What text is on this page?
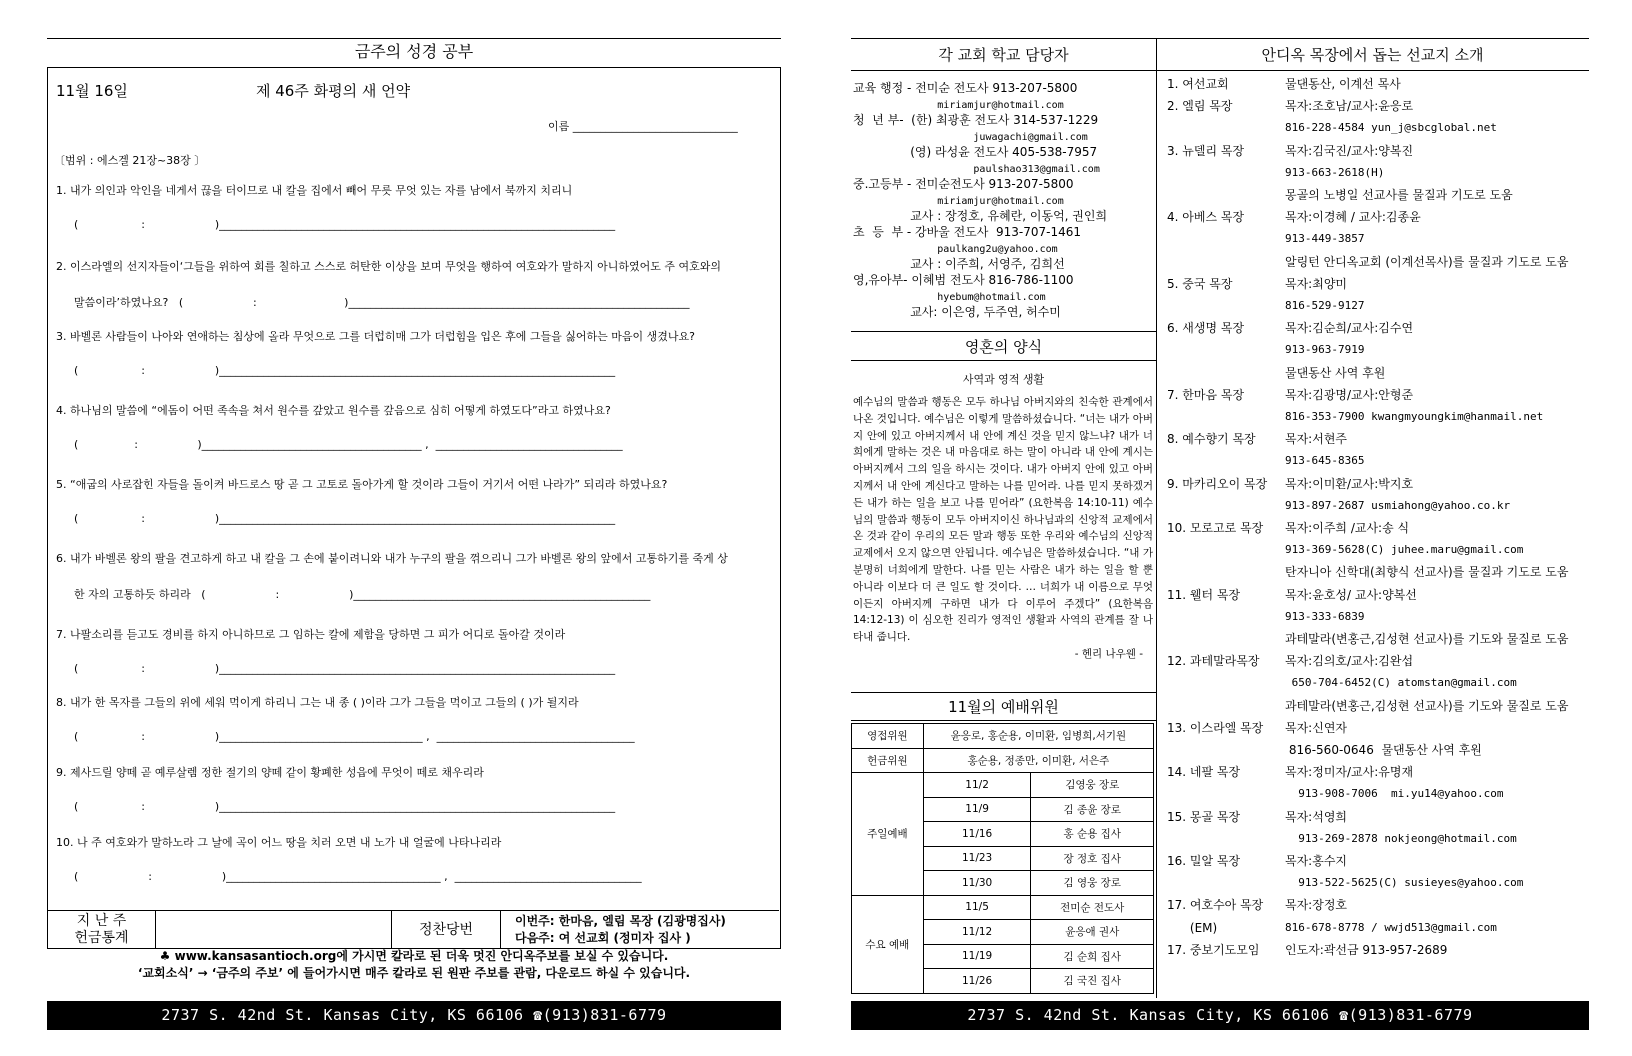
금주의 성경 공부
11월 16일	제 46주 화평의 새 언약
이름 ______________________________
〔범위 : 에스겔 21장~38장 〕
지 난 주
헌금통계	정찬당번
이번주: 한마음, 엘림 목장 (김광명집사)
다음주: 여 선교회 (정미자 집사 )
1. 내가 의인과 악인을 네게서 끊을 터이므로 내 칼을 집에서 빼어 무릇 무엇 있는 자를 남에서 북까지 치리니
(                  :                    )________________________________________________________________________
2. 이스라엘의 선지자들이‘그들을 위하여 회를 칠하고 스스로 허탄한 이상을 보며 무엇을 행하여 여호와가 말하지 아니하였어도 주 여호와의
말씀이라’하였나요?   (                    :                         )______________________________________________________________
3. 바벨론 사람들이 나아와 연애하는 침상에 올라 무엇으로 그를 더럽히매 그가 더럽힘을 입은 후에 그들을 싫어하는 마음이 생겼나요?
(                  :                    )________________________________________________________________________
4. 하나님의 말씀에 “에돔이 어떤 족속을 쳐서 원수를 갚았고 원수를 갚음으로 심히 어떻게 하였도다”라고 하였나요?
(                :                 )________________________________________ ,  __________________________________
5. “애굽의 사로잡힌 자들을 돌이켜 바드로스 땅 곧 그 고토로 돌아가게 할 것이라 그들이 거기서 어떤 나라가” 되리라 하였나요?
(                  :                    )________________________________________________________________________
6. 내가 바벨론 왕의 팔을 견고하게 하고 내 칼을 그 손에 붙이려니와 내가 누구의 팔을 꺾으리니 그가 바벨론 왕의 앞에서 고통하기를 죽게 상
한 자의 고통하듯 하리라   (                    :                    )______________________________________________________
7. 나팔소리를 듣고도 경비를 하지 아니하므로 그 임하는 칼에 제함을 당하면 그 피가 어디로 돌아갈 것이라
(                  :                    )________________________________________________________________________
8. 내가 한 목자를 그들의 위에 세워 먹이게 하리니 그는 내 종 ( )이라 그가 그들을 먹이고 그들의 ( )가 될지라
(                  :                    )_____________________________________ ,  ____________________________________
9. 제사드릴 양떼 곧 예루살렘 정한 절기의 양떼 같이 황폐한 성읍에 무엇이 떼로 채우리라
(                  :                    )________________________________________________________________________
10. 나 주 여호와가 말하노라 그 날에 곡이 어느 땅을 치러 오면 내 노가 내 얼굴에 나타나리라
(                    :                    )_______________________________________ ,  __________________________________
♣ www.kansasantioch.org에 가시면 칼라로 된 더욱 멋진 안디옥주보를 보실 수 있습니다.
‘교회소식’ → ‘금주의 주보’ 에 들어가시면 매주 칼라로 된 원판 주보를 관람, 다운로드 하실 수 있습니다.
2737 S. 42nd St. Kansas City, KS 66106 ☎(913)831-6779
각 교회 학교 담당자
교육 행정 - 전미순 전도사 913-207-5800
miriamjur@hotmail.com
청  년 부-  (한) 최광훈 전도사 314-537-1229
juwagachi@gmail.com
(영) 라성윤 전도사 405-538-7957
paulshao313@gmail.com
중.고등부 - 전미순전도사 913-207-5800
miriamjur@hotmail.com
교사 : 장정호, 유혜란, 이동억, 권인희
초  등  부 - 강바울 전도사  913-707-1461
paulkang2u@yahoo.com
교사 : 이주희, 서영주, 김희선
영,유아부- 이혜범 전도사 816-786-1100
hyebum@hotmail.com
교사: 이은영, 두주연, 허수미
영혼의 양식
사역과 영적 생활
예수님의 말씀과 행동은 모두 하나님 아버지와의 친숙한 관계에서 나온 것입니다. 예수님은 이렇게 말씀하셨습니다. “너는 내가 아버지 안에 있고 아버지께서 내 안에 계신 것을 믿지 않느냐? 내가 너희에게 말하는 것은 내 마음대로 하는 말이 아니라 내 안에 계시는 아버지께서 그의 일을 하시는 것이다. 내가 아버지 안에 있고 아버지께서 내 안에 계신다고 말하는 나를 믿어라. 나를 믿지 못하겠거든 내가 하는 일을 보고 나를 믿어라” (요한복음 14:10-11) 예수님의 말씀과 행동이 모두 아버지이신 하나님과의 신앙적 교제에서 온 것과 같이 우리의 모든 말과 행동 또한 우리와 예수님의 신앙적 교제에서 오지 않으면 안됩니다. 예수님은 말씀하셨습니다. “내 가 분명히 너희에게 말한다. 나를 믿는 사람은 내가 하는 일을 할 뿐 아니라 이보다 더 큰 일도 할 것이다. … 너희가 내 이름으로 무엇이든지 아버지께 구하면 내가 다 이루어 주겠다” (요한복음 14:12-13) 이 심오한 진리가 영적인 생활과 사역의 관계를 잘 나타내 줍니다.
- 헨리 나우웬 -
11월의 예배위원
영접위원	윤응로, 홍순용, 이미환, 임병희,서기원	
헌금위원	홍순용, 정종만, 이미환, 서은주	
주일예배	11/2	김영웅 장로
	11/9	김 종윤 장로
	11/16	홍 순용 집사
	11/23	장 정호 집사
	11/30	김 영웅 장로
수요 예배	11/5	전미순 전도사
	11/12	윤응애 권사
	11/19	김 순희 집사
	11/26	김 국진 집사
안디옥 목장에서 돕는 선교지 소개
1. 여선교회	물댄동산, 이계선 목사
2. 엘림 목장	목자:조호남/교사:윤응로
816-228-4584 yun_j@sbcglobal.net
3. 뉴델리 목장	목자:김국진/교사:양복진
913-663-2618(H)
몽골의 노병일 선교사를 물질과 기도로 도움
4. 아베스 목장	목자:이경혜 / 교사:김종윤
913-449-3857
알링턴 안디옥교회 (이계선목사)를 물질과 기도로 도움
5. 중국 목장	목자:최양미
816-529-9127
6. 새생명 목장	목자:김순희/교사:김수연
913-963-7919
물댄동산 사역 후원
7. 한마음 목장	목자:김광명/교사:안형준
816-353-7900 kwangmyoungkim@hanmail.net
8. 예수향기 목장 목자:서현주
913-645-8365
9. 마카리오이 목장 목자:이미환/교사:박지호
913-897-2687 usmiahong@yahoo.co.kr
10. 모로고로 목장 목자:이주희 /교사:송 식
913-369-5628(C) juhee.maru@gmail.com
탄자니아 신학대(최향식 선교사)를 물질과 기도로 도움
11. 웰터 목장	목자:윤호성/ 교사:양복선
913-333-6839
과테말라(변홍근,김성현 선교사)를 기도와 물질로 도움
12. 과테말라목장 목자:김의호/교사:김완섭
650-704-6452(C) atomstan@gmail.com
과테말라(변홍근,김성현 선교사)를 기도와 물질로 도움
13. 이스라엘 목장 목자:신연자
816-560-0646  물댄동산 사역 후원
14. 네팔 목장	목자:정미자/교사:유명재
913-908-7006  mi.yu14@yahoo.com
15. 몽골 목장	목자:석영희
913-269-2878 nokjeong@hotmail.com
16. 밀알 목장	목자:홍수지
913-522-5625(C) susieyes@yahoo.com
17. 여호수아 목장 목자:장정호
(EM)	816-678-8778 / wwjd513@gmail.com
17. 중보기도모임 인도자:곽선금 913-957-2689
2737 S. 42nd St. Kansas City, KS 66106 ☎(913)831-6779
